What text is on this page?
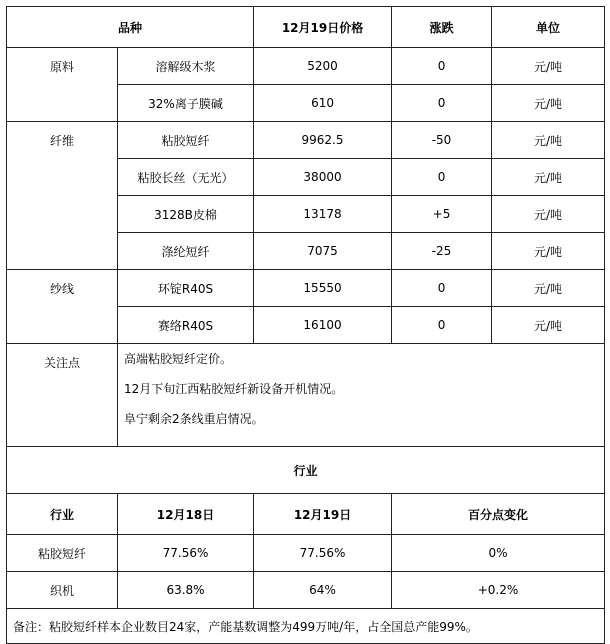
品种		12月19日价格	涨跌	单位
原料	溶解级木浆	5200	0	元/吨
	32%离子膜碱	610	0	元/吨
纤维	粘胶短纤	9962.5	-50	元/吨
	粘胶长丝（无光）	38000	0	元/吨
	3128B皮棉	13178	+5	元/吨
	涤纶短纤	7075	-25	元/吨
纱线	环锭R40S	15550	0	元/吨
	赛络R40S	16100	0	元/吨
关注点	高端粘胶短纤定价。
12月下旬江西粘胶短纤新设备开机情况。
阜宁剩余2条线重启情况。			

行业				
行业	12月18日	12月19日	百分点变化	
粘胶短纤	77.56%	77.56%	0%	
织机	63.8%	64%	+0.2%	
备注：粘胶短纤样本企业数目24家，产能基数调整为499万吨/年，占全国总产能99%。				
